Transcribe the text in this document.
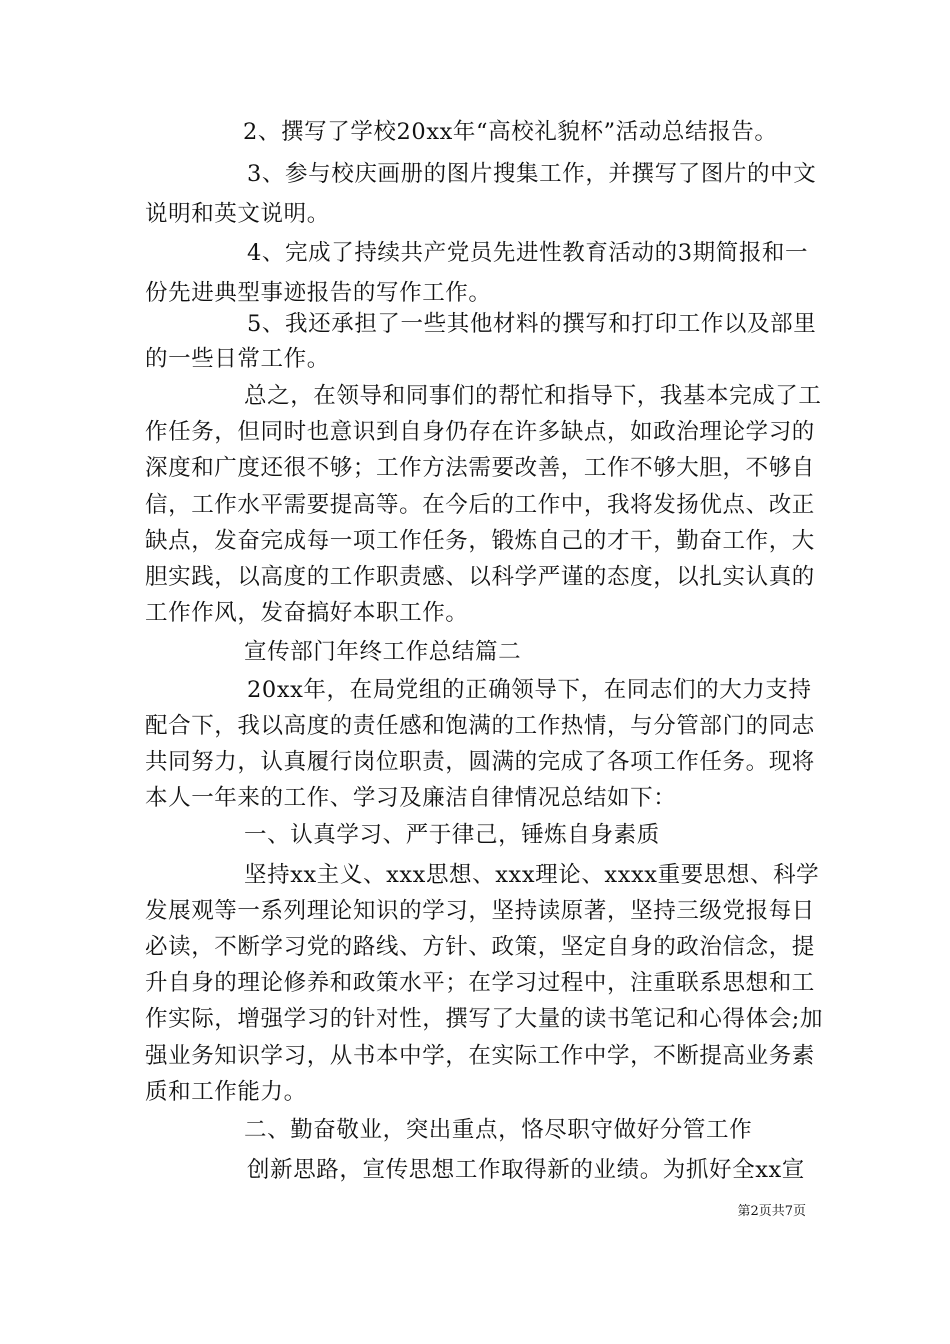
2、撰写了学校20xx年“高校礼貌杯”活动总结报告。
3、参与校庆画册的图片搜集工作，并撰写了图片的中文
说明和英文说明。
4、完成了持续共产党员先进性教育活动的3期简报和一
份先进典型事迹报告的写作工作。
5、我还承担了一些其他材料的撰写和打印工作以及部里
的一些日常工作。
总之，在领导和同事们的帮忙和指导下，我基本完成了工
作任务，但同时也意识到自身仍存在许多缺点，如政治理论学习的
深度和广度还很不够；工作方法需要改善，工作不够大胆，不够自
信，工作水平需要提高等。在今后的工作中，我将发扬优点、改正
缺点，发奋完成每一项工作任务，锻炼自己的才干，勤奋工作，大
胆实践，以高度的工作职责感、以科学严谨的态度，以扎实认真的
工作作风，发奋搞好本职工作。
宣传部门年终工作总结篇二
20xx年，在局党组的正确领导下，在同志们的大力支持
配合下，我以高度的责任感和饱满的工作热情，与分管部门的同志
共同努力，认真履行岗位职责，圆满的完成了各项工作任务。现将
本人一年来的工作、学习及廉洁自律情况总结如下：
一、认真学习、严于律己，锤炼自身素质
坚持xx主义、xxx思想、xxx理论、xxxx重要思想、科学
发展观等一系列理论知识的学习，坚持读原著，坚持三级党报每日
必读，不断学习党的路线、方针、政策，坚定自身的政治信念，提
升自身的理论修养和政策水平；在学习过程中，注重联系思想和工
作实际，增强学习的针对性，撰写了大量的读书笔记和心得体会;加
强业务知识学习，从书本中学，在实际工作中学，不断提高业务素
质和工作能力。
二、勤奋敬业，突出重点，恪尽职守做好分管工作
创新思路，宣传思想工作取得新的业绩。为抓好全xx宣
第2页共7页
